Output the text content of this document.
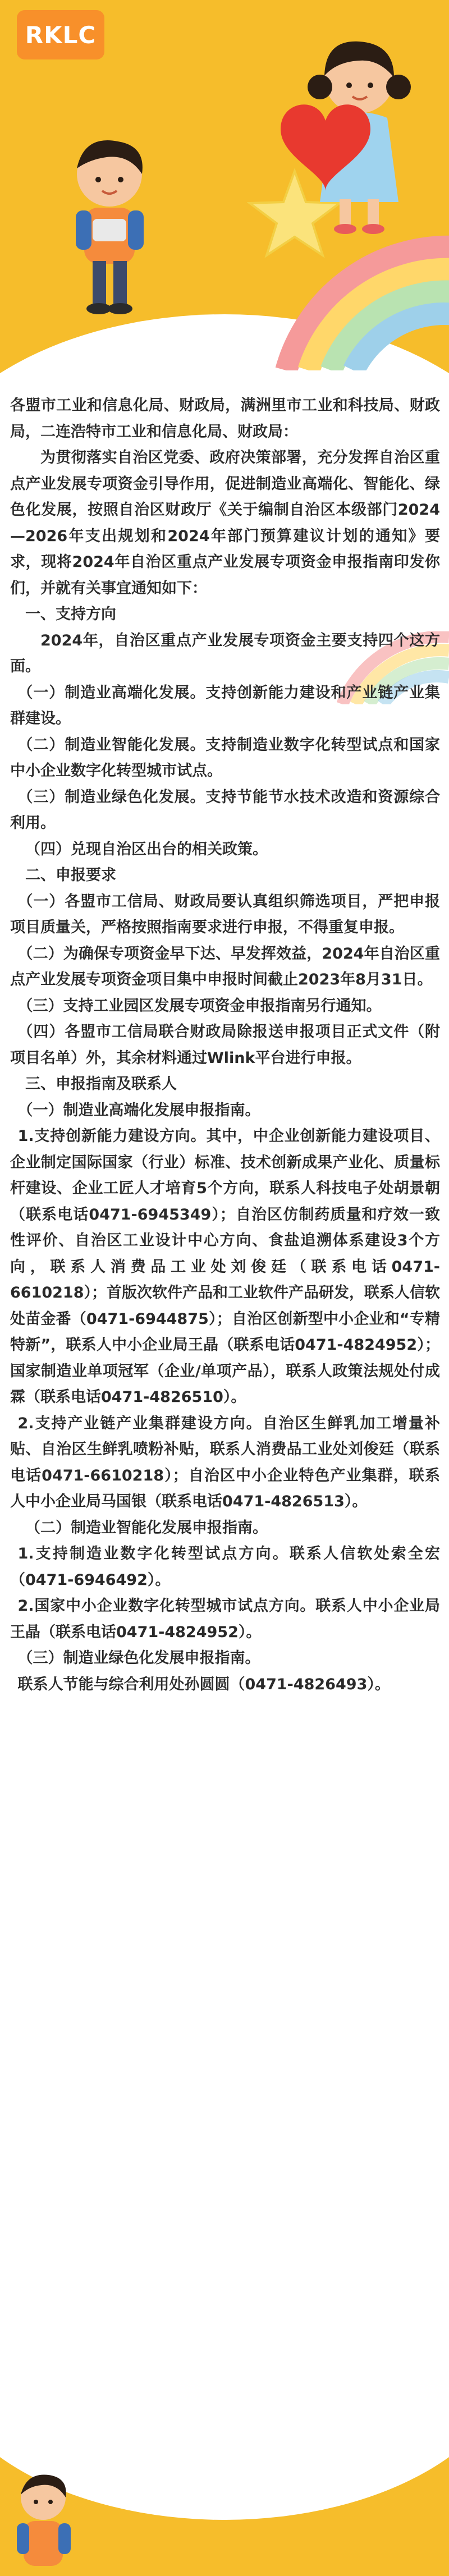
RKLC

各盟市工业和信息化局、财政局，满洲里市工业和科技局、财政局，二连浩特市工业和信息化局、财政局：

为贯彻落实自治区党委、政府决策部署，充分发挥自治区重点产业发展专项资金引导作用，促进制造业高端化、智能化、绿色化发展，按照自治区财政厅《关于编制自治区本级部门2024—2026年支出规划和2024年部门预算建议计划的通知》要求，现将2024年自治区重点产业发展专项资金申报指南印发你们，并就有关事宜通知如下：

一、支持方向

2024年，自治区重点产业发展专项资金主要支持四个这方面。

（一）制造业高端化发展。支持创新能力建设和产业链产业集群建设。

（二）制造业智能化发展。支持制造业数字化转型试点和国家中小企业数字化转型城市试点。

（三）制造业绿色化发展。支持节能节水技术改造和资源综合利用。

（四）兑现自治区出台的相关政策。

二、申报要求

（一）各盟市工信局、财政局要认真组织筛选项目，严把申报项目质量关，严格按照指南要求进行申报，不得重复申报。

（二）为确保专项资金早下达、早发挥效益，2024年自治区重点产业发展专项资金项目集中申报时间截止2023年8月31日。

（三）支持工业园区发展专项资金申报指南另行通知。

（四）各盟市工信局联合财政局除报送申报项目正式文件（附项目名单）外，其余材料通过Wlink平台进行申报。

三、申报指南及联系人

（一）制造业高端化发展申报指南。

1.支持创新能力建设方向。其中，中企业创新能力建设项目、企业制定国际国家（行业）标准、技术创新成果产业化、质量标杆建设、企业工匠人才培育5个方向，联系人科技电子处胡景朝（联系电话0471-6945349）；自治区仿制药质量和疗效一致性评价、自治区工业设计中心方向、食盐追溯体系建设3个方向，联系人消费品工业处刘俊廷（联系电话0471-6610218）；首版次软件产品和工业软件产品研发，联系人信软处苗金番（0471-6944875）；自治区创新型中小企业和“专精特新”，联系人中小企业局王晶（联系电话0471-4824952）；国家制造业单项冠军（企业/单项产品），联系人政策法规处付成霖（联系电话0471-4826510）。

2.支持产业链产业集群建设方向。自治区生鲜乳加工增量补贴、自治区生鲜乳喷粉补贴，联系人消费品工业处刘俊廷（联系电话0471-6610218）；自治区中小企业特色产业集群，联系人中小企业局马国银（联系电话0471-4826513）。

（二）制造业智能化发展申报指南。

1.支持制造业数字化转型试点方向。联系人信软处索全宏（0471-6946492）。

2.国家中小企业数字化转型城市试点方向。联系人中小企业局王晶（联系电话0471-4824952）。

（三）制造业绿色化发展申报指南。

联系人节能与综合利用处孙圆圆（0471-4826493）。
